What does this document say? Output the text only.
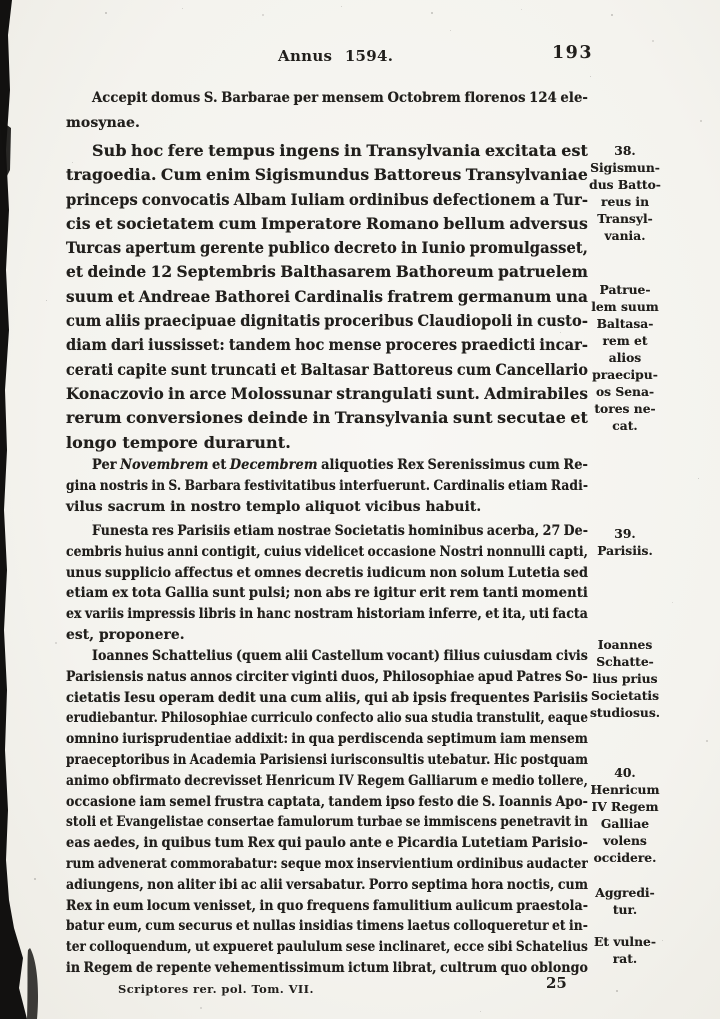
Annus 1594.	193
Accepit domus S. Barbarae per mensem Octobrem florenos 124 ele-
mosynae.
Sub hoc fere tempus ingens in Transylvania excitata est
tragoedia. Cum enim Sigismundus Battoreus Transylvaniae
princeps convocatis Albam Iuliam ordinibus defectionem a Tur-
cis et societatem cum Imperatore Romano bellum adversus
Turcas apertum gerente publico decreto in Iunio promulgasset,
et deinde 12 Septembris Balthasarem Bathoreum patruelem
suum et Andreae Bathorei Cardinalis fratrem germanum una
cum aliis praecipuae dignitatis proceribus Claudiopoli in custo-
diam dari iussisset: tandem hoc mense proceres praedicti incar-
cerati capite sunt truncati et Baltasar Battoreus cum Cancellario
Konaczovio in arce Molossunar strangulati sunt. Admirabiles
rerum conversiones deinde in Transylvania sunt secutae et
longo tempore durarunt.
Per Novembrem et Decembrem aliquoties Rex Serenissimus cum Re-
gina nostris in S. Barbara festivitatibus interfuerunt. Cardinalis etiam Radi-
vilus sacrum in nostro templo aliquot vicibus habuit.
Funesta res Parisiis etiam nostrae Societatis hominibus acerba, 27 De-
cembris huius anni contigit, cuius videlicet occasione Nostri nonnulli capti,
unus supplicio affectus et omnes decretis iudicum non solum Lutetia sed
etiam ex tota Gallia sunt pulsi; non abs re igitur erit rem tanti momenti
ex variis impressis libris in hanc nostram historiam inferre, et ita, uti facta
est, proponere.
Ioannes Schattelius (quem alii Castellum vocant) filius cuiusdam civis
Parisiensis natus annos circiter viginti duos, Philosophiae apud Patres So-
cietatis Iesu operam dedit una cum aliis, qui ab ipsis frequentes Parisiis
erudiebantur. Philosophiae curriculo confecto alio sua studia transtulit, eaque
omnino iurisprudentiae addixit: in qua perdiscenda septimum iam mensem
praeceptoribus in Academia Parisiensi iurisconsultis utebatur. Hic postquam
animo obfirmato decrevisset Henricum IV Regem Galliarum e medio tollere,
occasione iam semel frustra captata, tandem ipso festo die S. Ioannis Apo-
stoli et Evangelistae consertae famulorum turbae se immiscens penetravit in
eas aedes, in quibus tum Rex qui paulo ante e Picardia Lutetiam Parisio-
rum advenerat commorabatur: seque mox inservientium ordinibus audacter
adiungens, non aliter ibi ac alii versabatur. Porro septima hora noctis, cum
Rex in eum locum venisset, in quo frequens famulitium aulicum praestola-
batur eum, cum securus et nullas insidias timens laetus colloqueretur et in-
ter colloquendum, ut expueret paululum sese inclinaret, ecce sibi Schatelius
in Regem de repente vehementissimum ictum librat, cultrum quo oblongo
38.
Sigismun-
dus Batto-
reus in
Transyl-
vania.
Patrue-
lem suum
Baltasa-
rem et
alios
praecipu-
os Sena-
tores ne-
cat.
39.
Parisiis.
Ioannes
Schatte-
lius prius
Societatis
studiosus.
40.
Henricum
IV Regem
Galliae
volens
occidere.
Aggredi-
tur.
Et vulne-
rat.
Scriptores rer. pol. Tom. VII.	25
